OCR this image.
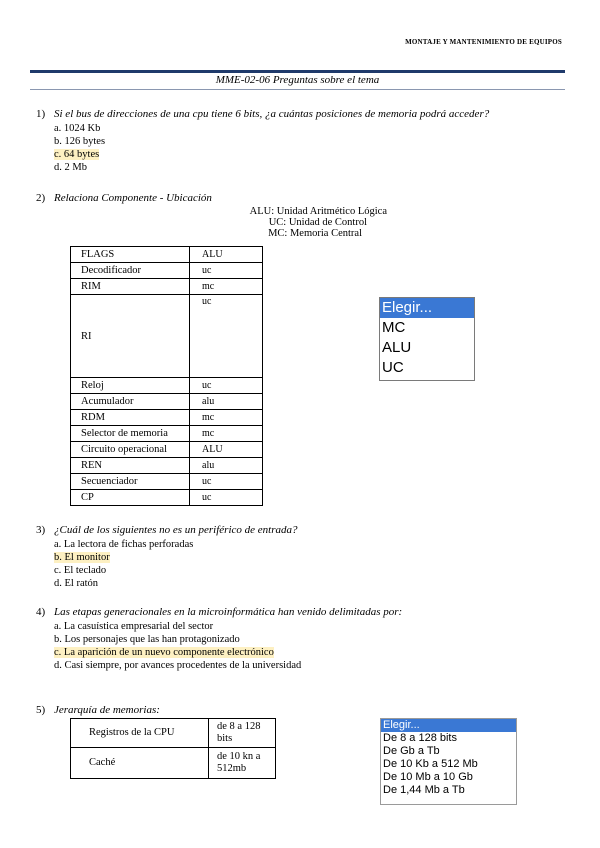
MONTAJE Y MANTENIMIENTO DE EQUIPOS
MME-02-06 Preguntas sobre el tema
1) Si el bus de direcciones de una cpu tiene 6 bits, ¿a cuántas posiciones de memoria podrá acceder?
a. 1024 Kb
b. 126 bytes
c. 64 bytes
d. 2 Mb
2) Relaciona Componente - Ubicación
ALU: Unidad Aritmético Lógica
UC: Unidad de Control
MC: Memoria Central
FLAGS	ALU
Decodificador	uc
RIM	mc
RI	uc
Reloj	uc
Acumulador	alu
RDM	mc
Selector de memoria	mc
Circuito operacional	ALU
REN	alu
Secuenciador	uc
CP	uc
Elegir...
MC
ALU
UC
3) ¿Cuál de los siguientes no es un periférico de entrada?
a. La lectora de fichas perforadas
b. El monitor
c. El teclado
d. El ratón
4) Las etapas generacionales en la microinformática han venido delimitadas por:
a. La casuística empresarial del sector
b. Los personajes que las han protagonizado
c. La aparición de un nuevo componente electrónico
d. Casi siempre, por avances procedentes de la universidad
5) Jerarquía de memorias:
Registros de la CPU	de 8 a 128 bits
Caché	de 10 kn a 512mb
Elegir...
De 8 a 128 bits
De Gb a Tb
De 10 Kb a 512 Mb
De 10 Mb a 10 Gb
De 1,44 Mb a Tb
